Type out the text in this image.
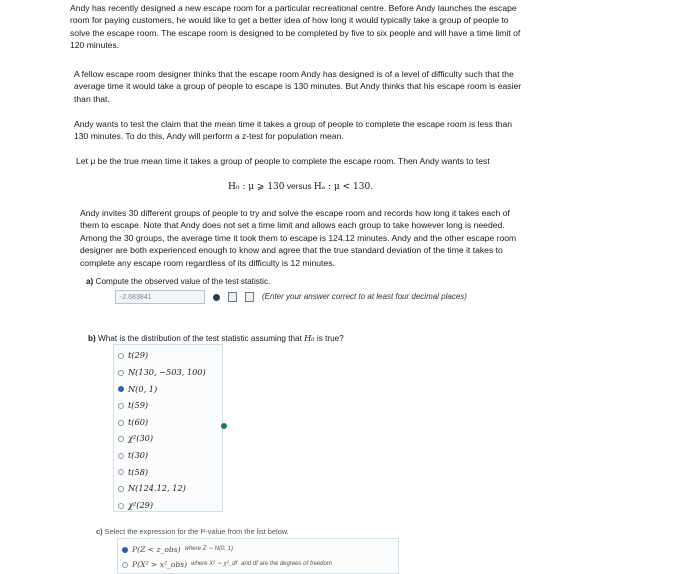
Andy has recently designed a new escape room for a particular recreational centre. Before Andy launches the escape room for paying customers, he would like to get a better idea of how long it would typically take a group of people to solve the escape room. The escape room is designed to be completed by five to six people and will have a time limit of 120 minutes.
A fellow escape room designer thinks that the escape room Andy has designed is of a level of difficulty such that the average time it would take a group of people to escape is 130 minutes. But Andy thinks that his escape room is easier than that.
Andy wants to test the claim that the mean time it takes a group of people to complete the escape room is less than 130 minutes. To do this, Andy will perform a z-test for population mean.
Let μ be the true mean time it takes a group of people to complete the escape room. Then Andy wants to test
H₀ : μ ⩾ 130 versus Hₐ : μ < 130.
Andy invites 30 different groups of people to try and solve the escape room and records how long it takes each of them to escape. Note that Andy does not set a time limit and allows each group to take however long is needed. Among the 30 groups, the average time it took them to escape is 124.12 minutes. Andy and the other escape room designer are both experienced enough to know and agree that the true standard deviation of the time it takes to complete any escape room regardless of its difficulty is 12 minutes.
a) Compute the observed value of the test statistic.
-2.683841
(Enter your answer correct to at least four decimal places)
b) What is the distribution of the test statistic assuming that H₀ is true?
t(29)
N(130, −503, 100)
N(0, 1)
t(59)
t(60)
χ²(30)
t(30)
t(58)
N(124.12, 12)
χ²(29)
c) Select the expression for the P-value from the list below.
P(Z < z_obs) where Z ∼ N(0, 1)
P(X² > x²_obs) where X² ∼ χ²_df and df are the degrees of freedom
